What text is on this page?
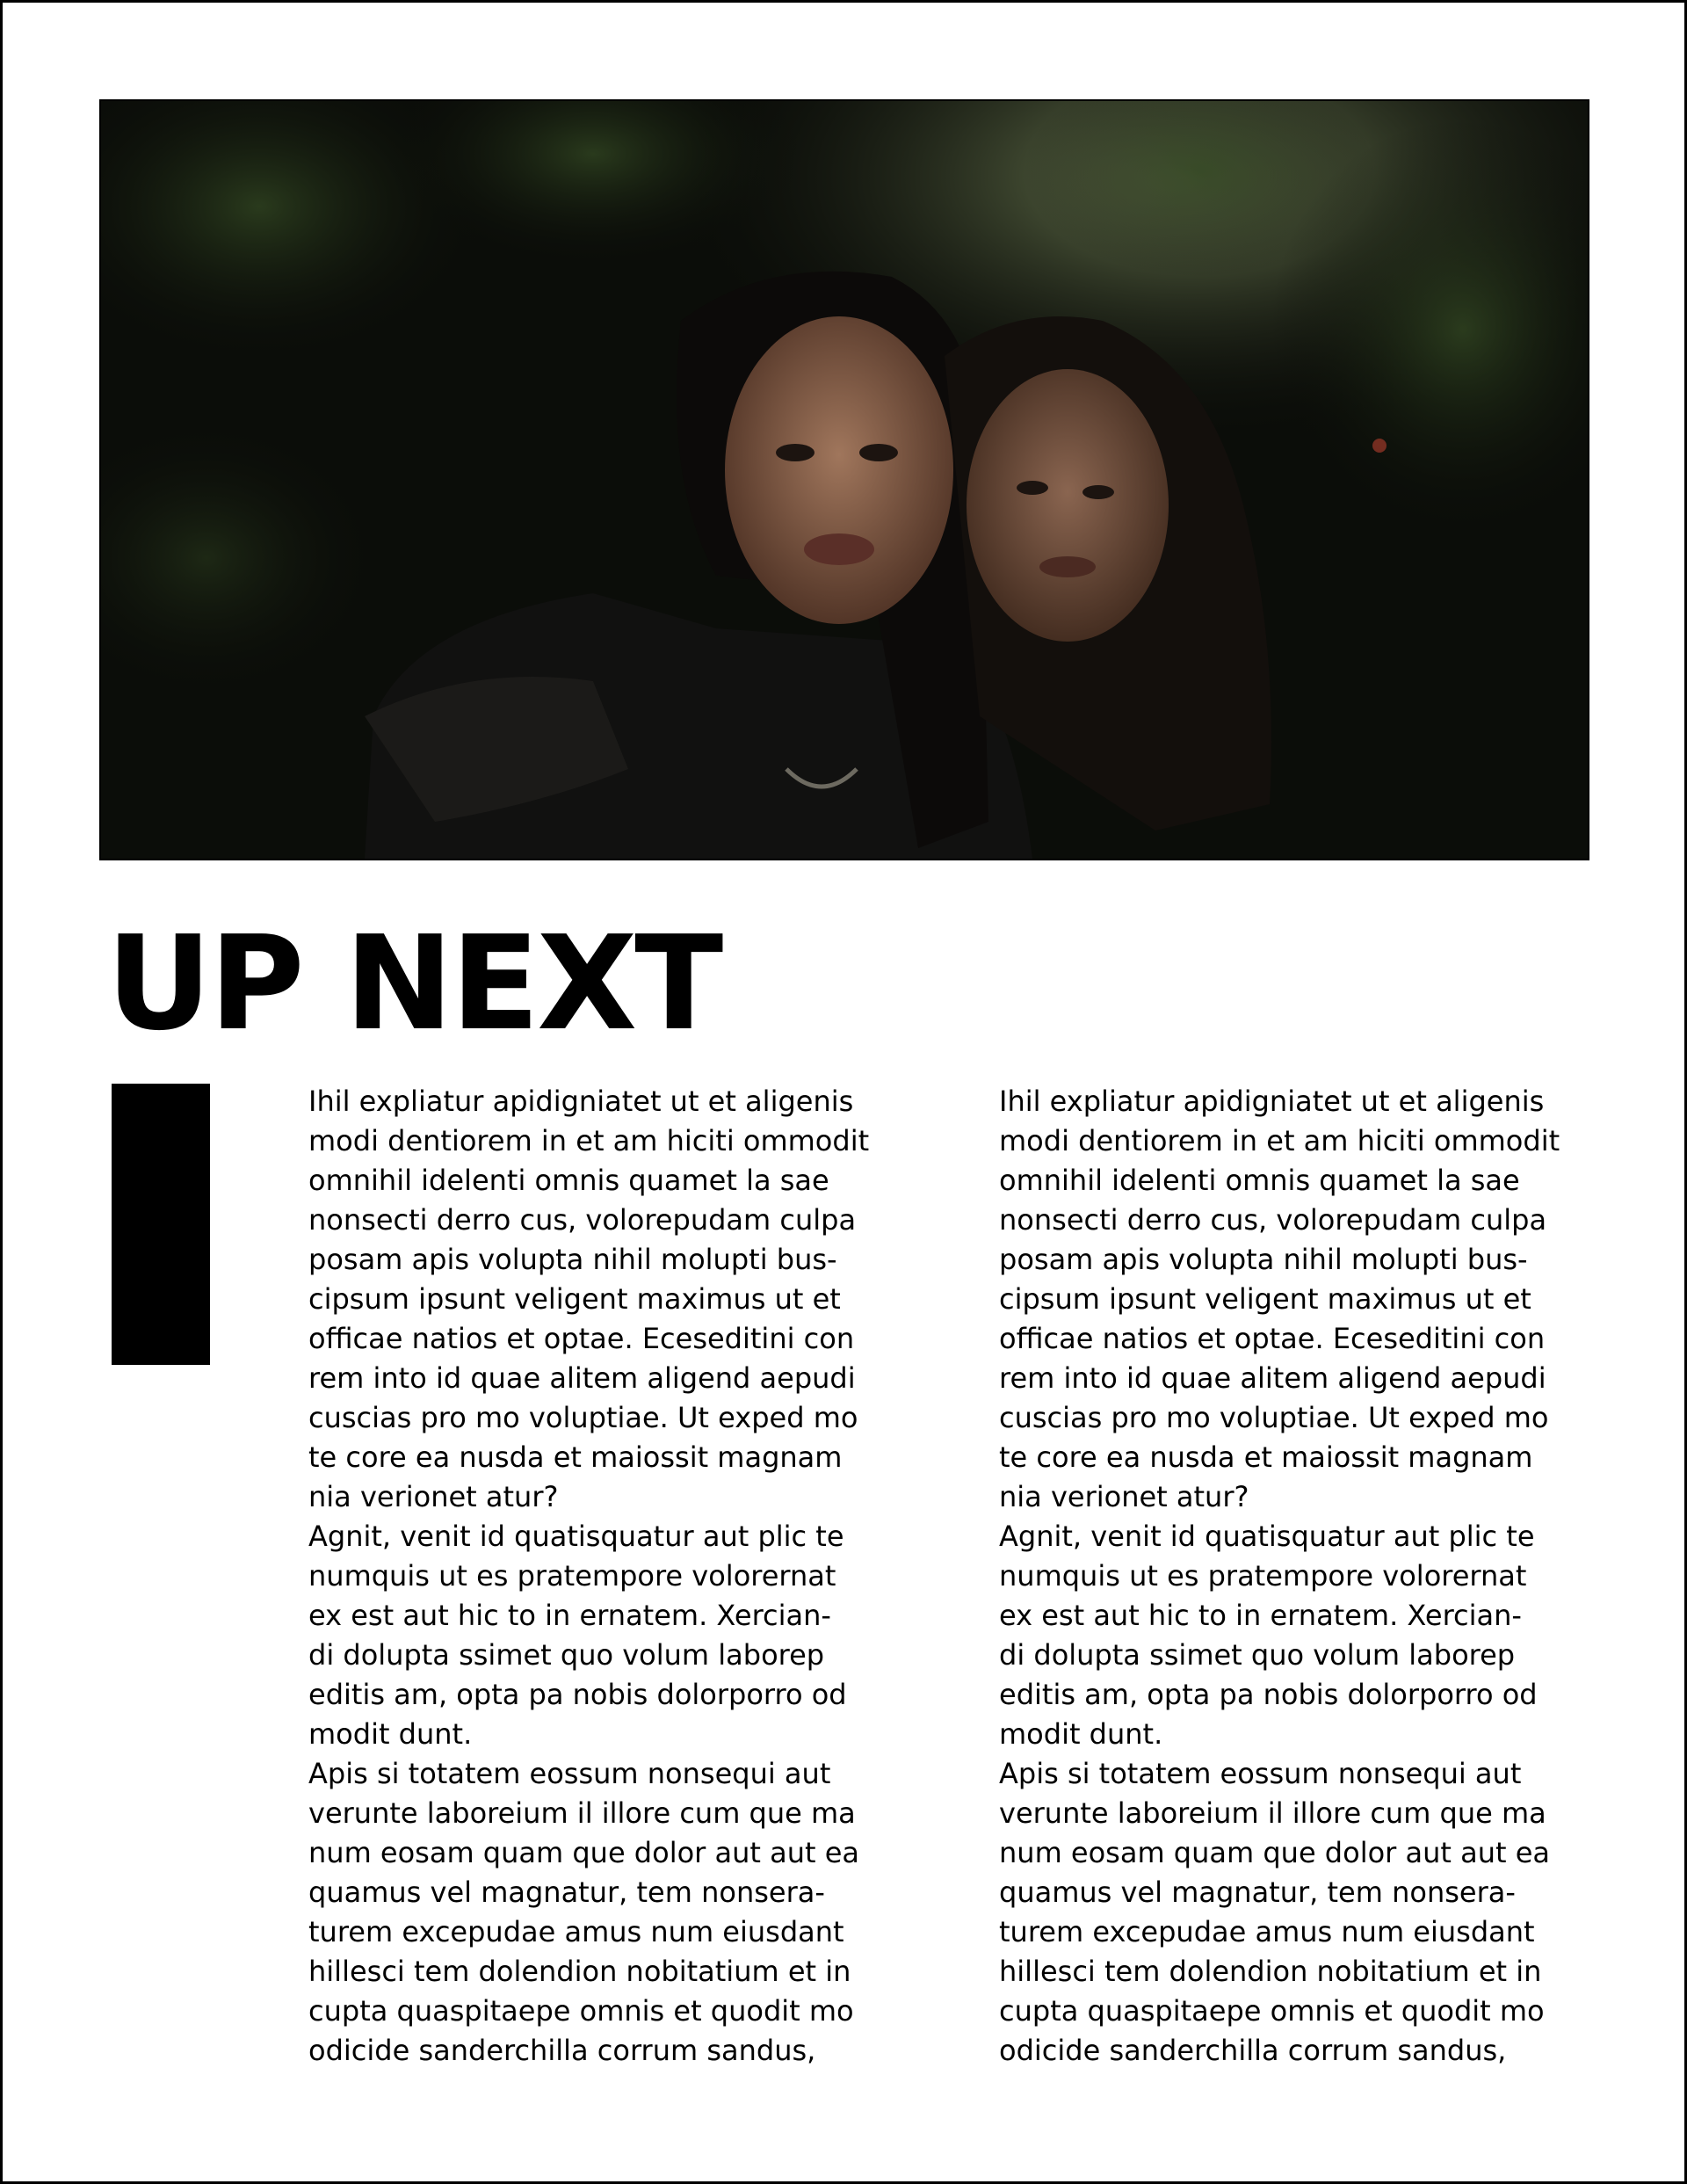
UP NEXT

Ihil expliatur apidigniatet ut et aligenis
modi dentiorem in et am hiciti ommodit
omnihil idelenti omnis quamet la sae
nonsecti derro cus, volorepudam culpa
posam apis volupta nihil molupti bus-
cipsum ipsunt veligent maximus ut et
officae natios et optae. Eceseditini con
rem into id quae alitem aligend aepudi
cuscias pro mo voluptiae. Ut exped mo
te core ea nusda et maiossit magnam
nia verionet atur?

Agnit, venit id quatisquatur aut plic te
numquis ut es pratempore volorernat
ex est aut hic to in ernatem. Xercian-
di dolupta ssimet quo volum laborep
editis am, opta pa nobis dolorporro od
modit dunt.

Apis si totatem eossum nonsequi aut
verunte laboreium il illore cum que ma
num eosam quam que dolor aut aut ea
quamus vel magnatur, tem nonsera-
turem excepudae amus num eiusdant
hillesci tem dolendion nobitatium et in
cupta quaspitaepe omnis et quodit mo
odicide sanderchilla corrum sandus,

Ihil expliatur apidigniatet ut et aligenis
modi dentiorem in et am hiciti ommodit
omnihil idelenti omnis quamet la sae
nonsecti derro cus, volorepudam culpa
posam apis volupta nihil molupti bus-
cipsum ipsunt veligent maximus ut et
officae natios et optae. Eceseditini con
rem into id quae alitem aligend aepudi
cuscias pro mo voluptiae. Ut exped mo
te core ea nusda et maiossit magnam
nia verionet atur?

Agnit, venit id quatisquatur aut plic te
numquis ut es pratempore volorernat
ex est aut hic to in ernatem. Xercian-
di dolupta ssimet quo volum laborep
editis am, opta pa nobis dolorporro od
modit dunt.

Apis si totatem eossum nonsequi aut
verunte laboreium il illore cum que ma
num eosam quam que dolor aut aut ea
quamus vel magnatur, tem nonsera-
turem excepudae amus num eiusdant
hillesci tem dolendion nobitatium et in
cupta quaspitaepe omnis et quodit mo
odicide sanderchilla corrum sandus,
